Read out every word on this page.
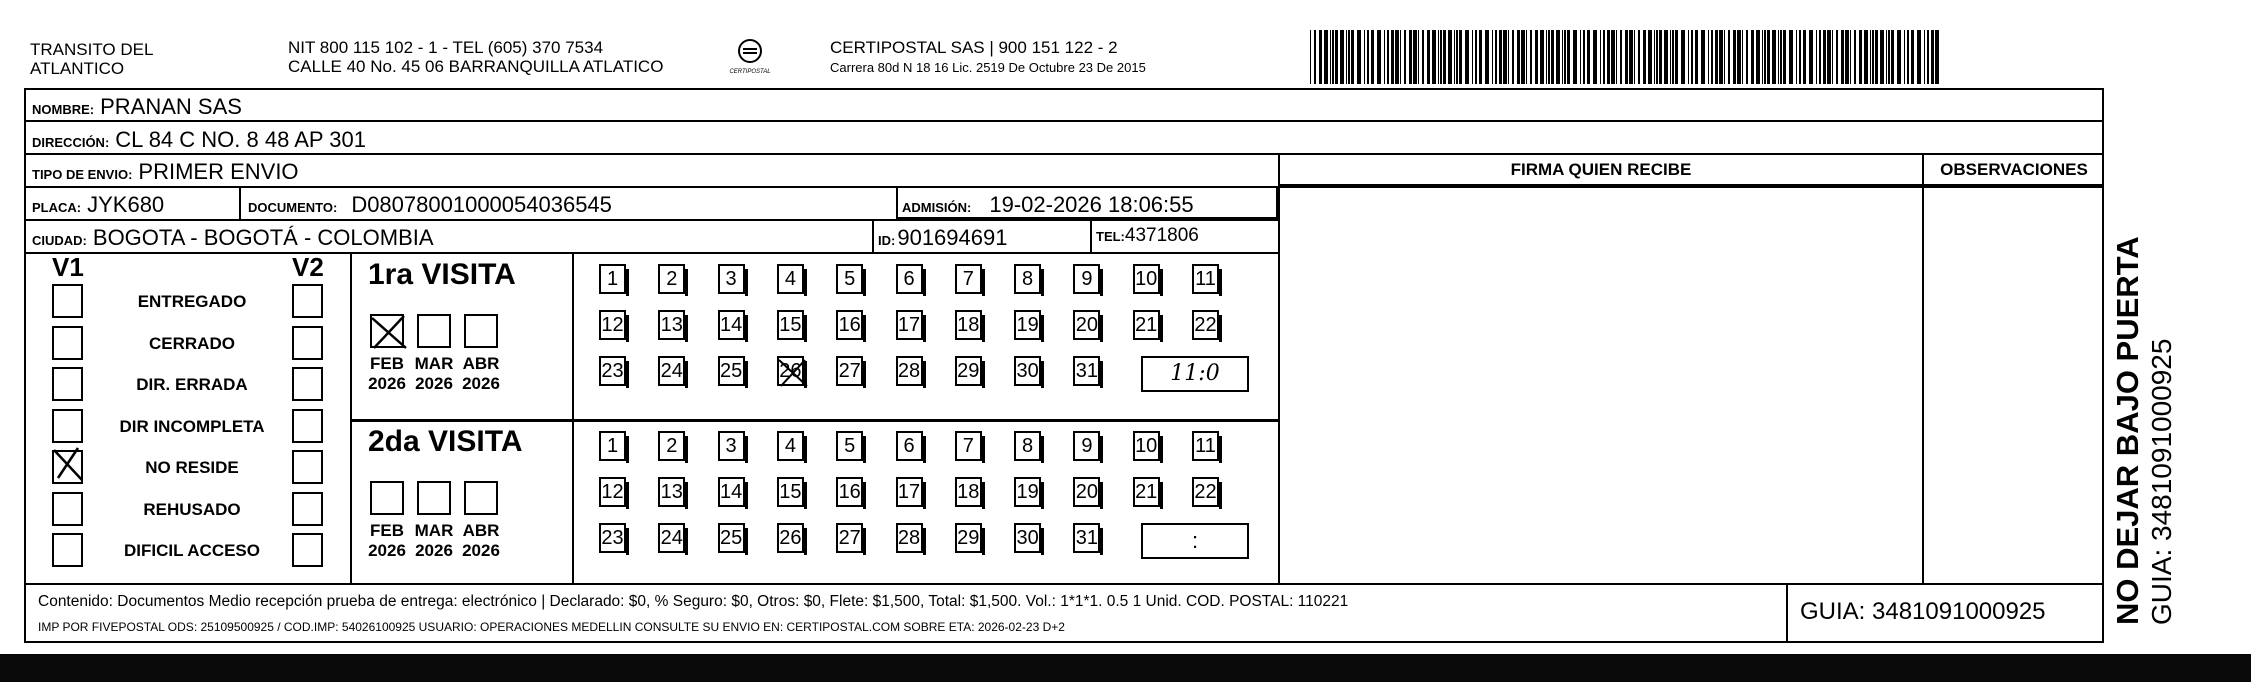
TRANSITO DEL
ATLANTICO
NIT 800 115 102 - 1 - TEL (605) 370 7534
CALLE 40 No. 45 06 BARRANQUILLA ATLATICO	CERTIPOSTAL
CERTIPOSTAL SAS | 900 151 122 - 2
Carrera 80d N 18 16 Lic. 2519 De Octubre 23 De 2015
FIRMA QUIEN RECIBE	OBSERVACIONES
NOMBRE: PRANAN SAS
DIRECCIÓN: CL 84 C NO. 8 48 AP 301
TIPO DE ENVIO: PRIMER ENVIO
PLACA: JYK680	DOCUMENTO: D08078001000054036545	ADMISIÓN: 19-02-2026 18:06:55
CIUDAD: BOGOTA - BOGOTÁ - COLOMBIA	ID: 901694691	TEL: 4371806
V1	V2
ENTREGADO
CERRADO
DIR. ERRADA
DIR INCOMPLETA
NO RESIDE
REHUSADO
DIFICIL ACCESO
1ra VISITA
FEB
2026
MAR
2026
ABR
2026
1	2	3	4	5	6	7	8	9	10 11
12 13 14 15 16 17 18 19 20 21 22
23 24 25 26 27 28 29 30 31	11:0
2da VISITA
FEB
2026
MAR
2026
ABR
2026
1	2	3	4	5	6	7	8	9	10 11
12 13 14 15 16 17 18 19 20 21 22
23 24 25 26 27 28 29 30 31	:
Contenido: Documentos Medio recepción prueba de entrega: electrónico | Declarado: $0, % Seguro: $0, Otros: $0, Flete: $1,500, Total: $1,500. Vol.: 1*1*1. 0.5 1 Unid. COD. POSTAL: 110221
IMP POR FIVEPOSTAL ODS: 25109500925 / COD.IMP: 54026100925 USUARIO: OPERACIONES MEDELLIN CONSULTE SU ENVIO EN: CERTIPOSTAL.COM SOBRE ETA: 2026-02-23 D+2
GUIA: 3481091000925 NO DEJAR BAJO PUERTA GUIA: 3481091000925
